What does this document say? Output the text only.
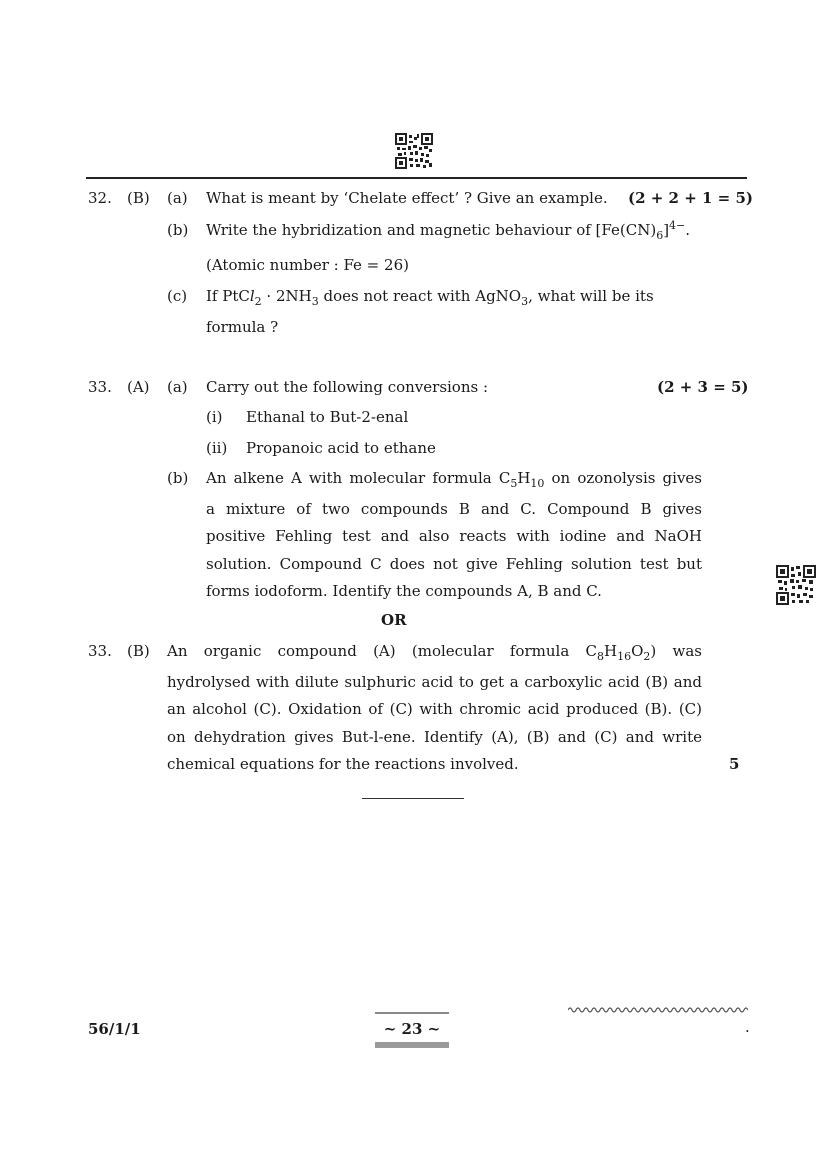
32. (B) (a) What is meant by ‘Chelate effect’ ? Give an example. (2 + 2 + 1 = 5)
(b) Write the hybridization and magnetic behaviour of $[Fe(CN)_6]^{4-}$.
(Atomic number : Fe = 26)
(c) If PtCl$_2$ · $2NH_3$ does not react with AgNO$_3$, what will be its
formula ?
33. (A) (a) Carry out the following conversions :	(2 + 3 = 5)
(i) Ethanal to But-2-enal
(ii) Propanoic acid to ethane
(b) An alkene A with molecular formula $C_5H_{10}$ on ozonolysis gives
a mixture of two compounds B and C. Compound B gives
positive Fehling test and also reacts with iodine and NaOH
solution. Compound C does not give Fehling solution test but
forms iodoform. Identify the compounds A, B and C.
OR
33. (B) An organic compound (A) (molecular formula $C_8H_{16}O_2$) was
hydrolysed with dilute sulphuric acid to get a carboxylic acid (B) and
an alcohol (C). Oxidation of (C) with chromic acid produced (B). (C)
on dehydration gives But-l-ene. Identify (A), (B) and (C) and write
chemical equations for the reactions involved.	5
56/1/1	~ 23 ~	.
